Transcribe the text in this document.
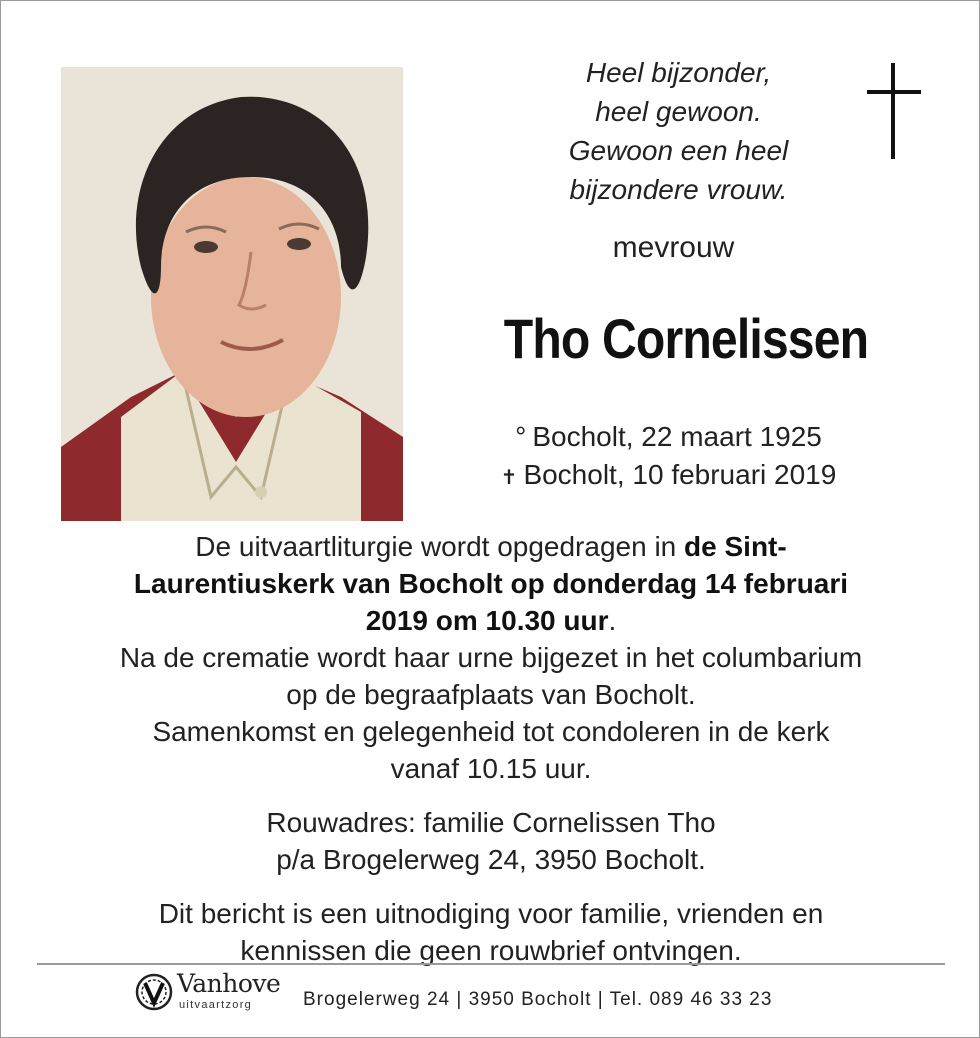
Heel bijzonder,
heel gewoon.
Gewoon een heel
bijzondere vrouw.
mevrouw
Tho Cornelissen
° Bocholt, 22 maart 1925
✝ Bocholt, 10 februari 2019
De uitvaartliturgie wordt opgedragen in de Sint-
Laurentiuskerk van Bocholt op donderdag 14 februari
2019 om 10.30 uur.
Na de crematie wordt haar urne bijgezet in het columbarium
op de begraafplaats van Bocholt.
Samenkomst en gelegenheid tot condoleren in de kerk
vanaf 10.15 uur.
Rouwadres: familie Cornelissen Tho
p/a Brogelerweg 24, 3950 Bocholt.
Dit bericht is een uitnodiging voor familie, vrienden en
kennissen die geen rouwbrief ontvingen.
Vanhove
uitvaartzorg	Brogelerweg 24 | 3950 Bocholt | Tel. 089 46 33 23
